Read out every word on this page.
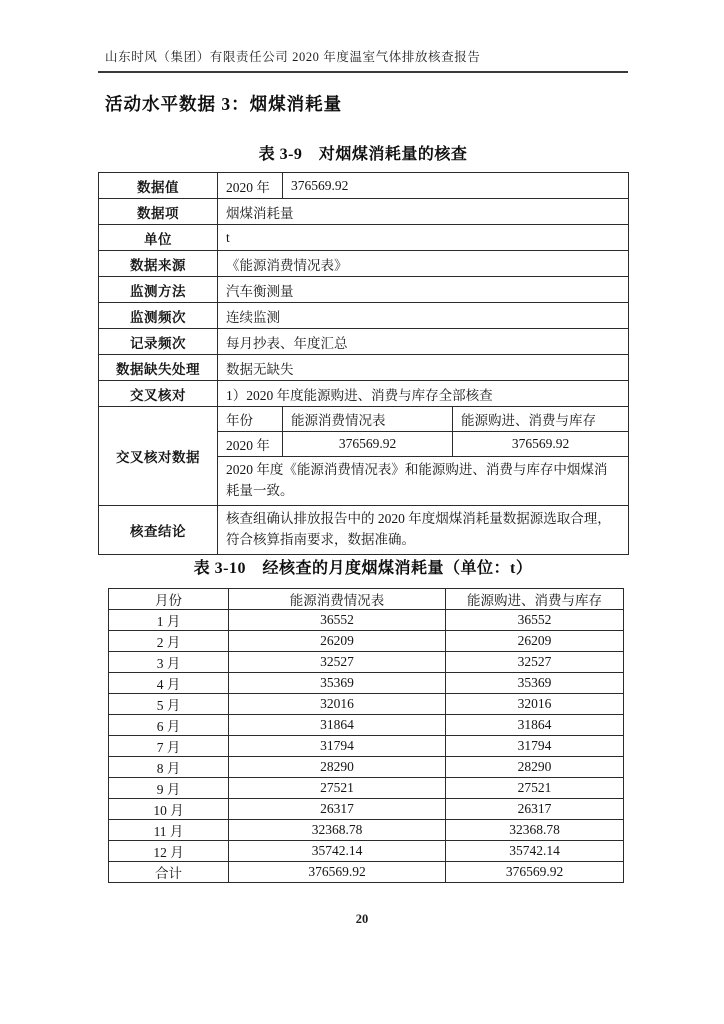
山东时风（集团）有限责任公司 2020 年度温室气体排放核查报告
活动水平数据 3：烟煤消耗量
表 3-9　对烟煤消耗量的核查
数据值	2020 年	376569.92	
数据项	烟煤消耗量		
单位	t		
数据来源	《能源消费情况表》		
监测方法	汽车衡测量		
监测频次	连续监测		
记录频次	每月抄表、年度汇总		
数据缺失处理	数据无缺失		
交叉核对	1）2020 年度能源购进、消费与库存全部核查		
交叉核对数据	年份	能源消费情况表	能源购进、消费与库存
	2020 年	376569.92	376569.92
	2020 年度《能源消费情况表》和能源购进、消费与库存中烟煤消耗量一致。		
核查结论	核查组确认排放报告中的 2020 年度烟煤消耗量数据源选取合理，符合核算指南要求，数据准确。		
表 3-10　经核查的月度烟煤消耗量（单位：t）
月份	能源消费情况表	能源购进、消费与库存
1 月	36552	36552
2 月	26209	26209
3 月	32527	32527
4 月	35369	35369
5 月	32016	32016
6 月	31864	31864
7 月	31794	31794
8 月	28290	28290
9 月	27521	27521
10 月	26317	26317
11 月	32368.78	32368.78
12 月	35742.14	35742.14
合计	376569.92	376569.92
20
